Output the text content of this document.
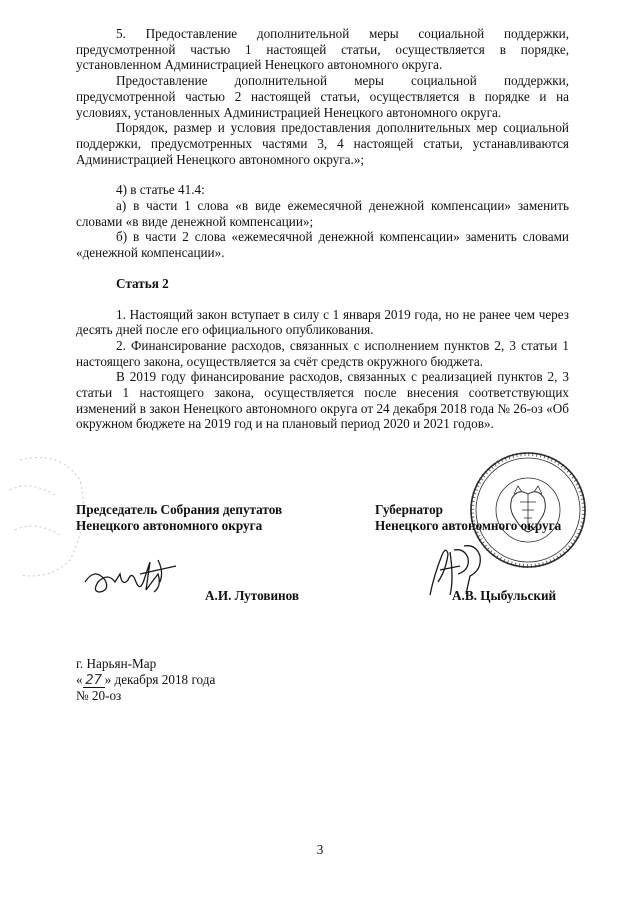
5. Предоставление дополнительной меры социальной поддержки, предусмотренной частью 1 настоящей статьи, осуществляется в порядке, установленном Администрацией Ненецкого автономного округа.

Предоставление дополнительной меры социальной поддержки, предусмотренной частью 2 настоящей статьи, осуществляется в порядке и на условиях, установленных Администрацией Ненецкого автономного округа.

Порядок, размер и условия предоставления дополнительных мер социальной поддержки, предусмотренных частями 3, 4 настоящей статьи, устанавливаются Администрацией Ненецкого автономного округа.»;

4) в статье 41.4:

а) в части 1 слова «в виде ежемесячной денежной компенсации» заменить словами «в виде денежной компенсации»;

б) в части 2 слова «ежемесячной денежной компенсации» заменить словами «денежной компенсации».

Статья 2

1. Настоящий закон вступает в силу с 1 января 2019 года, но не ранее чем через десять дней после его официального опубликования.

2. Финансирование расходов, связанных с исполнением пунктов 2, 3 статьи 1 настоящего закона, осуществляется за счёт средств окружного бюджета.

В 2019 году финансирование расходов, связанных с реализацией пунктов 2, 3 статьи 1 настоящего закона, осуществляется после внесения соответствующих изменений в закон Ненецкого автономного округа от 24 декабря 2018 года № 26-оз «Об окружном бюджете на 2019 год и на плановый период 2020 и 2021 годов».

Председатель Собрания депутатов
Ненецкого автономного округа
Губернатор
Ненецкого автономного округа
А.И. Лутовинов	А.В. Цыбульский
г. Нарьян-Мар
« 27 » декабря 2018 года
№ 20-оз
3
